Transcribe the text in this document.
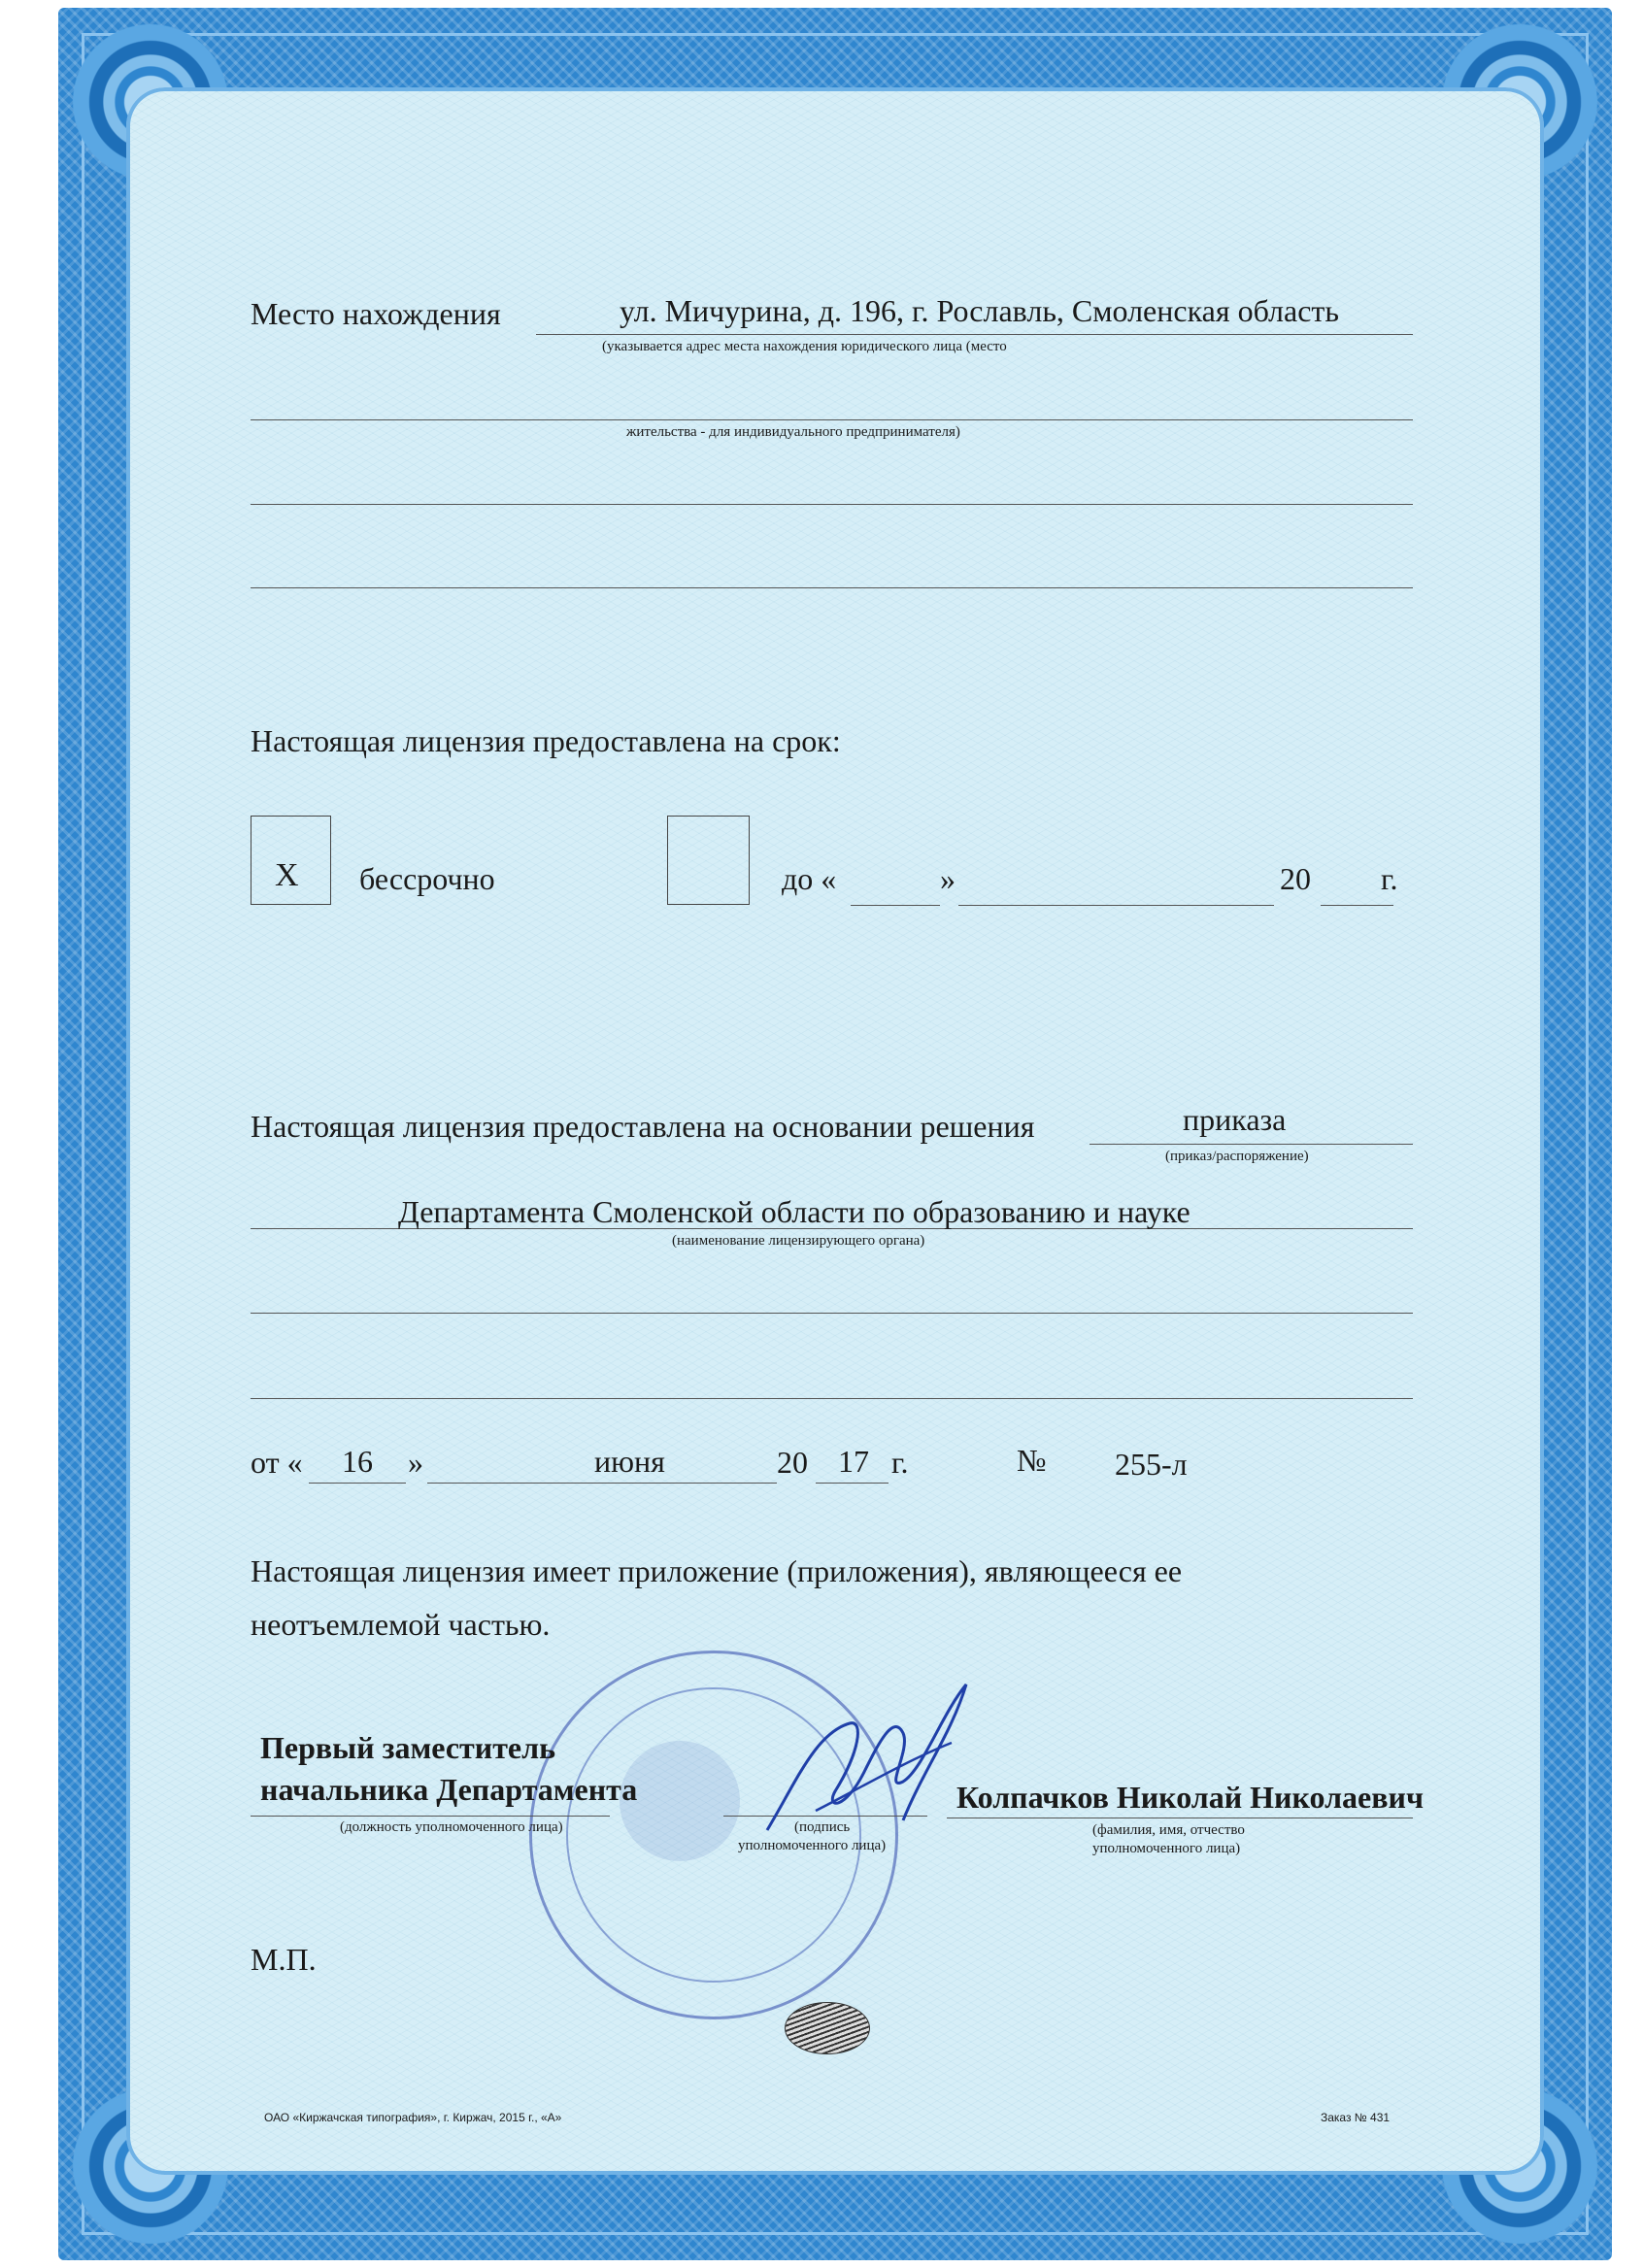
Место нахождения	ул. Мичурина, д. 196, г. Рославль, Смоленская область
(указывается адрес места нахождения юридического лица (место
жительства - для индивидуального предпринимателя)
Настоящая лицензия предоставлена на срок:
X бессрочно	до «	»	20 г.
Настоящая лицензия предоставлена на основании решения	приказа
(приказ/распоряжение)
Департамента Смоленской области по образованию и науке
(наименование лицензирующего органа)
от « 16 »	июня	20 17 г.	№ 255-л
Настоящая лицензия имеет приложение (приложения), являющееся ее
неотъемлемой частью.
Первый заместитель
начальника Департамента
(должность уполномоченного лица)	(подпись
уполномоченного лица)
Колпачков Николай Николаевич
(фамилия, имя, отчество
уполномоченного лица)
М.П.
ОАО «Киржачская типография», г. Киржач, 2015 г., «А»	Заказ № 431
